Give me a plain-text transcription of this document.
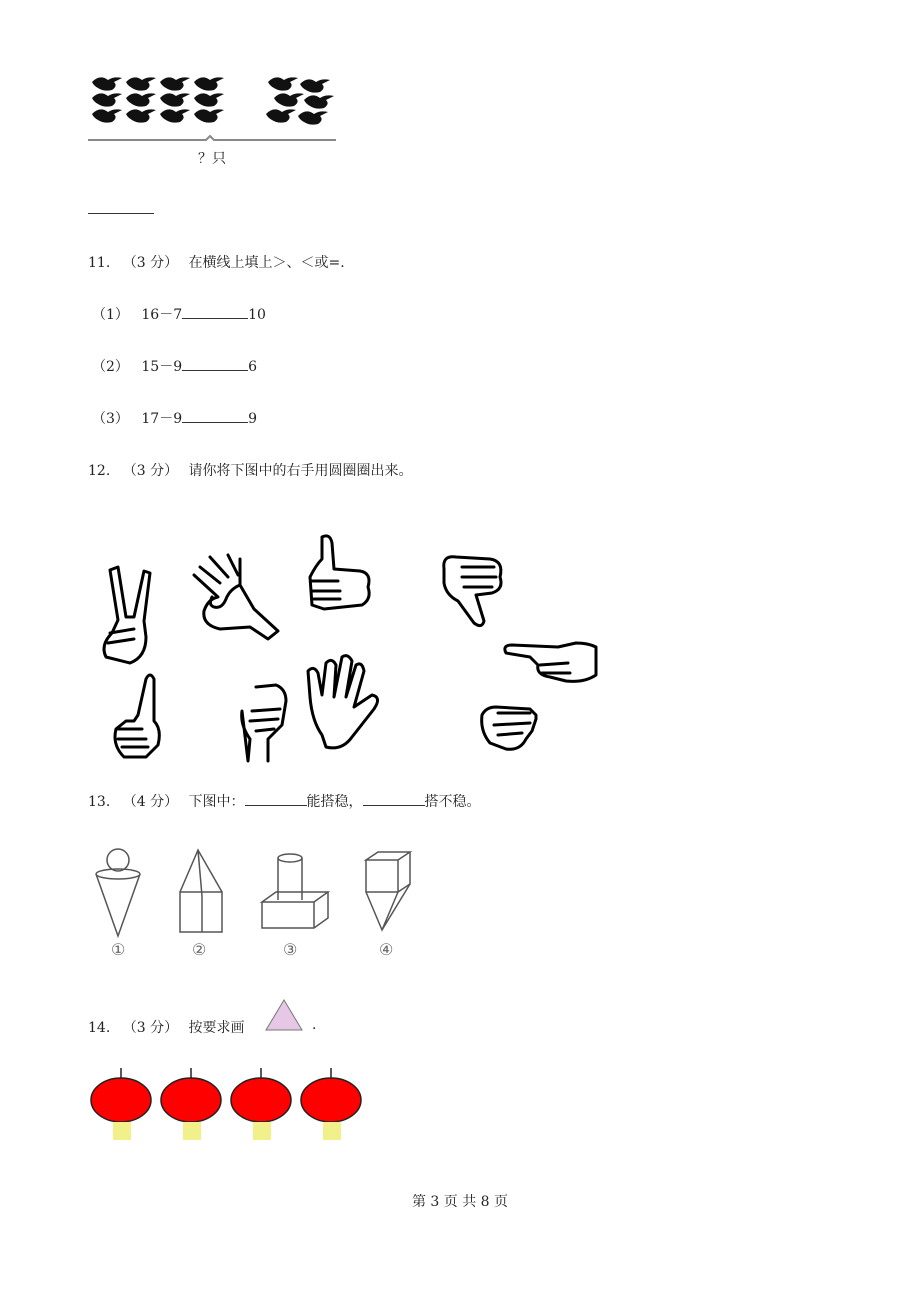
？只
11. （3 分） 在横线上填上＞、＜或=.
（1） 16－7	10
（2） 15－9	6
（3） 17－9	9
12. （3 分） 请你将下图中的右手用圆圈圈出来。
13. （4 分） 下图中：	能搭稳，	搭不稳。
①	②	③	④
14. （3 分） 按要求画	.
第 3 页 共 8 页
